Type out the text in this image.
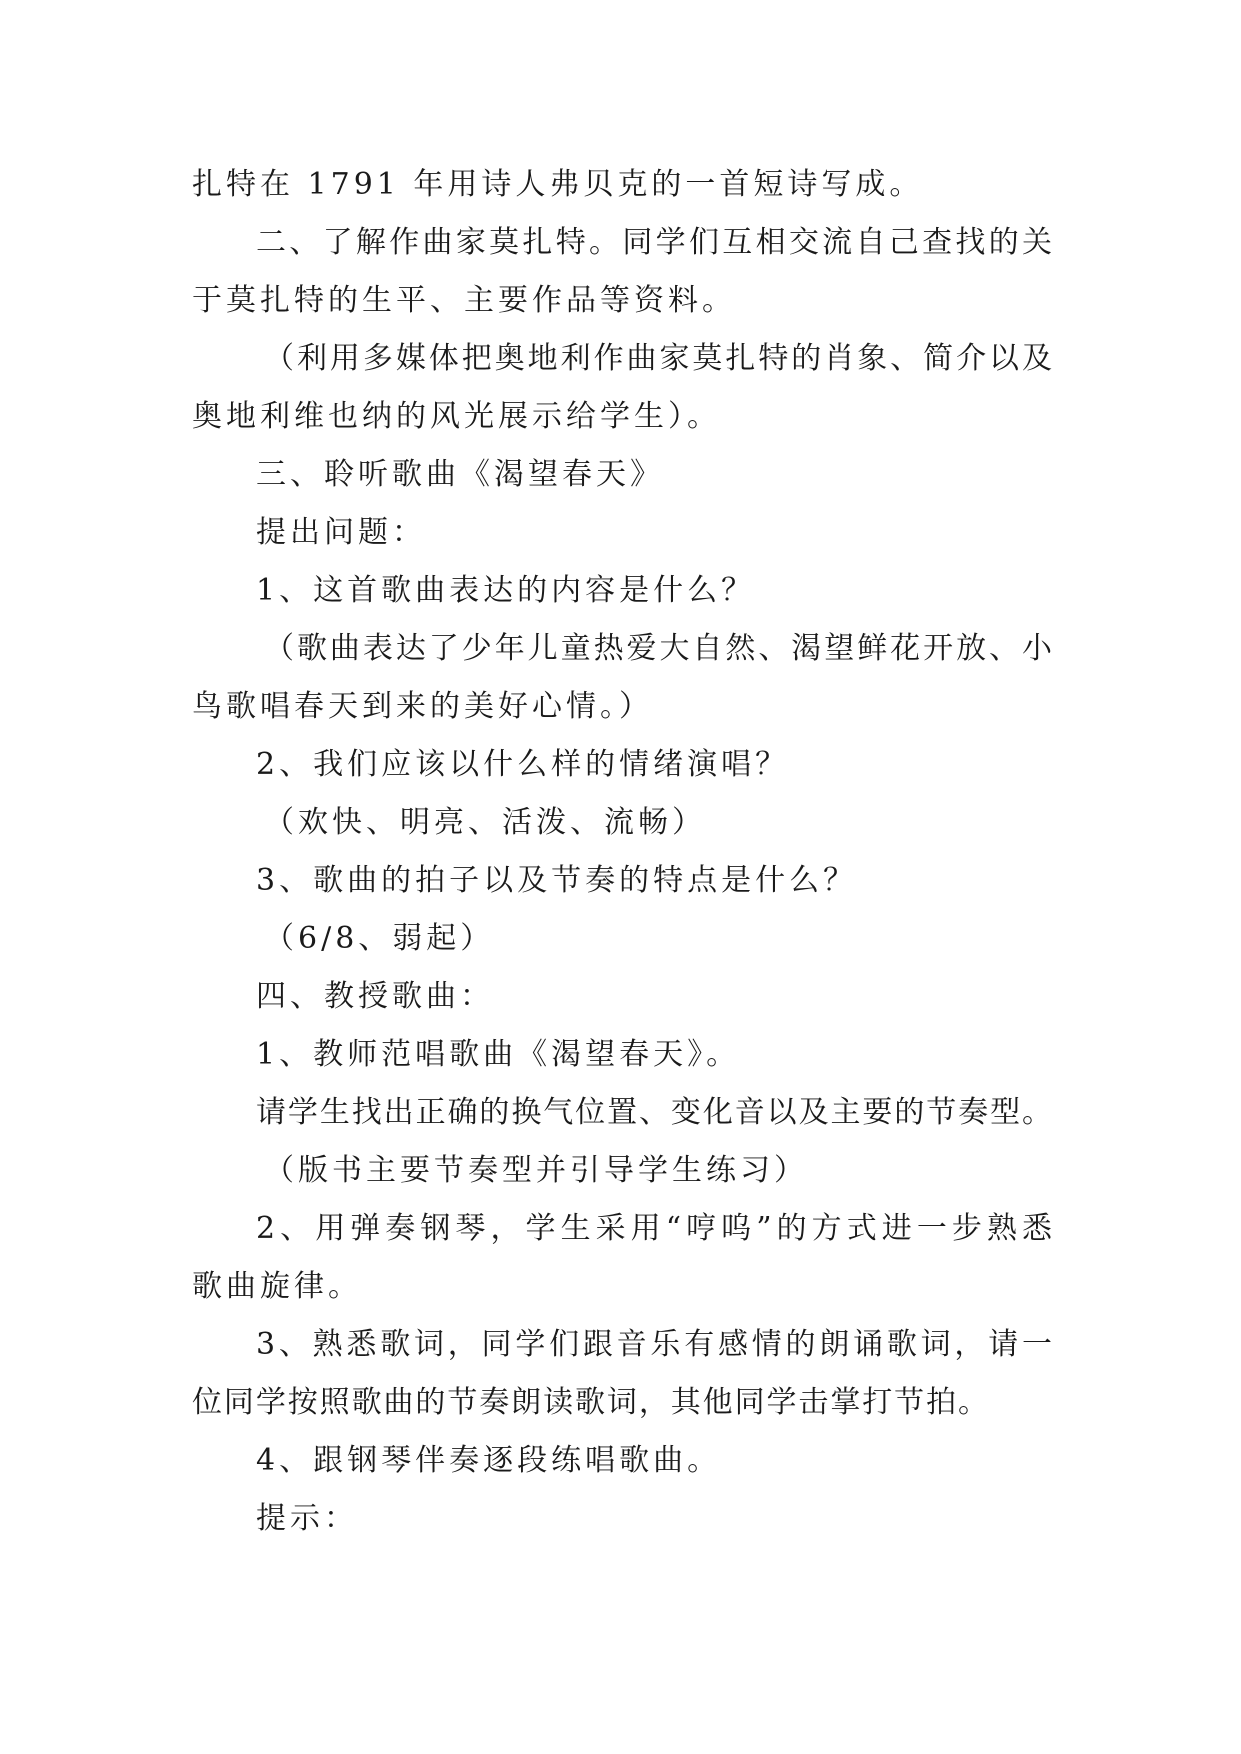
扎特在 1791 年用诗人弗贝克的一首短诗写成。
二、了解作曲家莫扎特。同学们互相交流自己查找的关
于莫扎特的生平、主要作品等资料。
（利用多媒体把奥地利作曲家莫扎特的肖象、简介以及
奥地利维也纳的风光展示给学生）。
三、聆听歌曲《渴望春天》
提出问题：
1、这首歌曲表达的内容是什么？
（歌曲表达了少年儿童热爱大自然、渴望鲜花开放、小
鸟歌唱春天到来的美好心情。）
2、我们应该以什么样的情绪演唱？
（欢快、明亮、活泼、流畅）
3、歌曲的拍子以及节奏的特点是什么？
（6/8、弱起）
四、教授歌曲：
1、教师范唱歌曲《渴望春天》。
请学生找出正确的换气位置、变化音以及主要的节奏型。
（版书主要节奏型并引导学生练习）
2、用弹奏钢琴，学生采用“哼呜”的方式进一步熟悉
歌曲旋律。
3、熟悉歌词，同学们跟音乐有感情的朗诵歌词，请一
位同学按照歌曲的节奏朗读歌词，其他同学击掌打节拍。
4、跟钢琴伴奏逐段练唱歌曲。
提示：
